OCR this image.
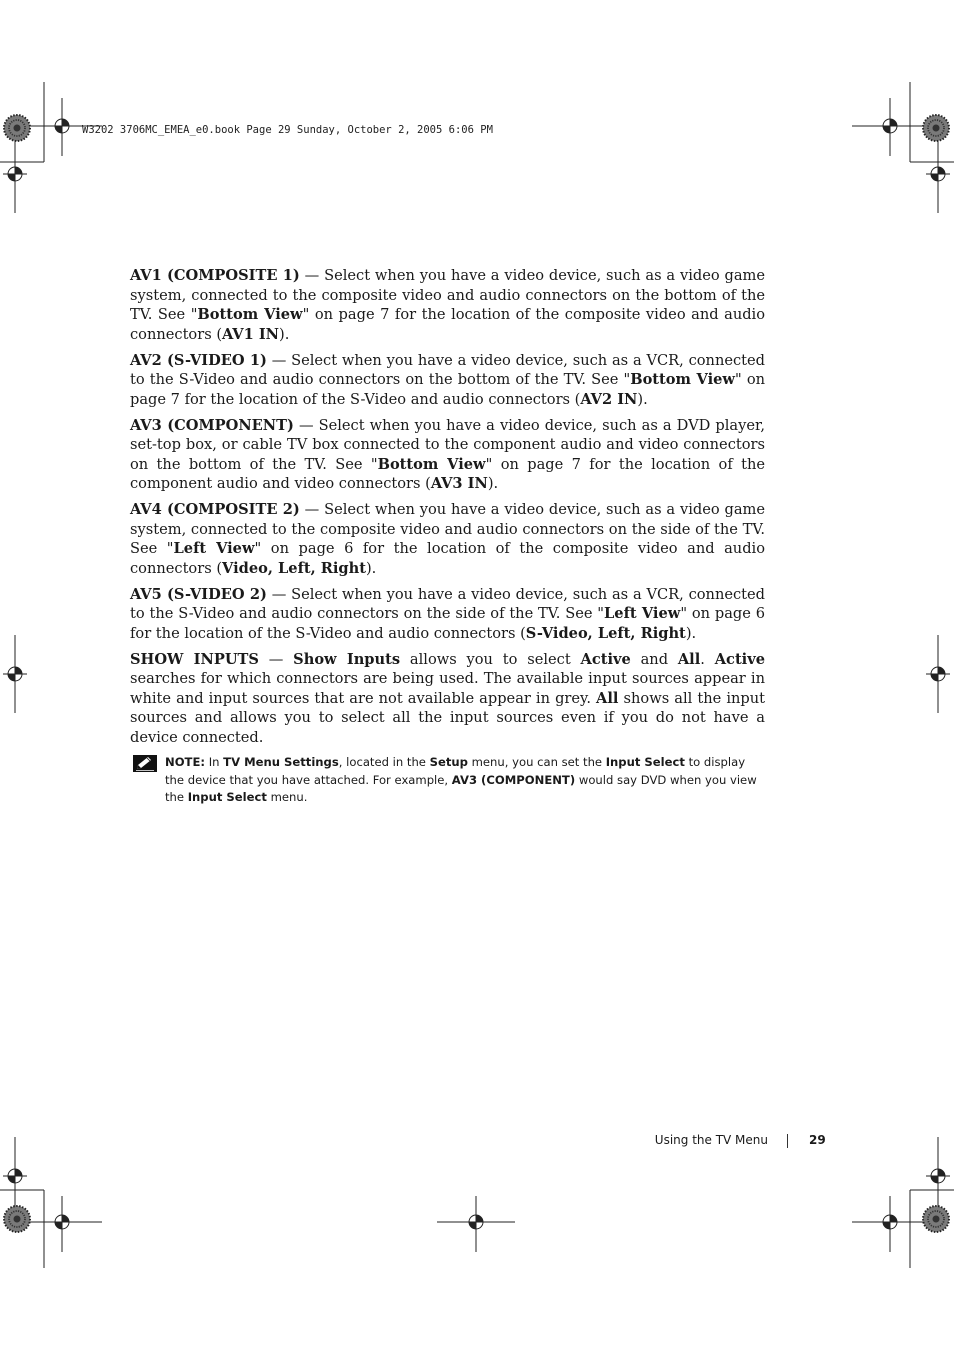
W3202 3706MC_EMEA_e0.book Page 29 Sunday, October 2, 2005 6:06 PM

AV1 (COMPOSITE 1) — Select when you have a video device, such as a video game system, connected to the composite video and audio connectors on the bottom of the TV. See "Bottom View" on page 7 for the location of the composite video and audio connectors (AV1 IN).

AV2 (S-VIDEO 1) — Select when you have a video device, such as a VCR, connected to the S-Video and audio connectors on the bottom of the TV. See "Bottom View" on page 7 for the location of the S-Video and audio connectors (AV2 IN).

AV3 (COMPONENT) — Select when you have a video device, such as a DVD player, set-top box, or cable TV box connected to the component audio and video connectors on the bottom of the TV. See "Bottom View" on page 7 for the location of the component audio and video connectors (AV3 IN).

AV4 (COMPOSITE 2) — Select when you have a video device, such as a video game system, connected to the composite video and audio connectors on the side of the TV. See "Left View" on page 6 for the location of the composite video and audio connectors (Video, Left, Right).

AV5 (S-VIDEO 2) — Select when you have a video device, such as a VCR, connected to the S-Video and audio connectors on the side of the TV. See "Left View" on page 6 for the location of the S-Video and audio connectors (S-Video, Left, Right).

SHOW INPUTS — Show Inputs allows you to select Active and All. Active searches for which connectors are being used. The available input sources appear in white and input sources that are not available appear in grey. All shows all the input sources and allows you to select all the input sources even if you do not have a device connected.

NOTE: In TV Menu Settings, located in the Setup menu, you can set the Input Select to display the device that you have attached. For example, AV3 (COMPONENT) would say DVD when you view the Input Select menu.
Using the TV Menu	29
